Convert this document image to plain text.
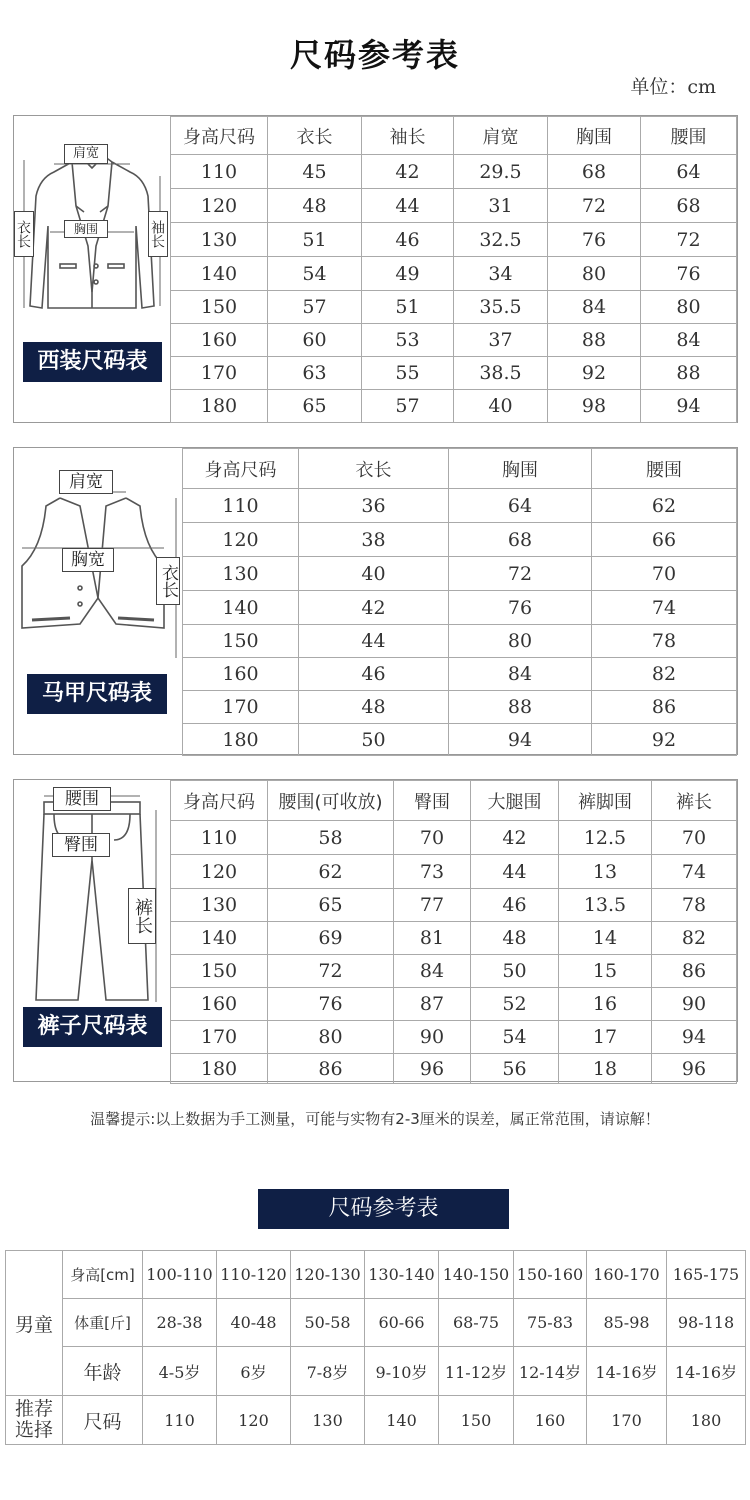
尺码参考表
单位：cm
肩宽
胸围
衣长	袖长
西装尺码表
身高尺码	衣长	袖长	肩宽	胸围	腰围
110	45	42	29.5	68	64
120	48	44	31	72	68
130	51	46	32.5	76	72
140	54	49	34	80	76
150	57	51	35.5	84	80
160	60	53	37	88	84
170	63	55	38.5	92	88
180	65	57	40	98	94
肩宽
胸宽
衣长
马甲尺码表
身高尺码	衣长	胸围	腰围
110	36	64	62
120	38	68	66
130	40	72	70
140	42	76	74
150	44	80	78
160	46	84	82
170	48	88	86
180	50	94	92
腰围
臀围
裤长
裤子尺码表
身高尺码	腰围(可收放)	臀围	大腿围	裤脚围	裤长
110	58	70	42	12.5	70
120	62	73	44	13	74
130	65	77	46	13.5	78
140	69	81	48	14	82
150	72	84	50	15	86
160	76	87	52	16	90
170	80	90	54	17	94
180	86	96	56	18	96
温馨提示:以上数据为手工测量，可能与实物有2-3厘米的误差，属正常范围，请谅解！
尺码参考表
男童	身高[cm]	100-110	110-120	120-130	130-140	140-150	150-160	160-170	165-175
	体重[斤]	28-38	40-48	50-58	60-66	68-75	75-83	85-98	98-118
	年龄	4-5岁	6岁	7-8岁	9-10岁	11-12岁	12-14岁	14-16岁	14-16岁
推荐选择	尺码	110	120	130	140	150	160	170	180
